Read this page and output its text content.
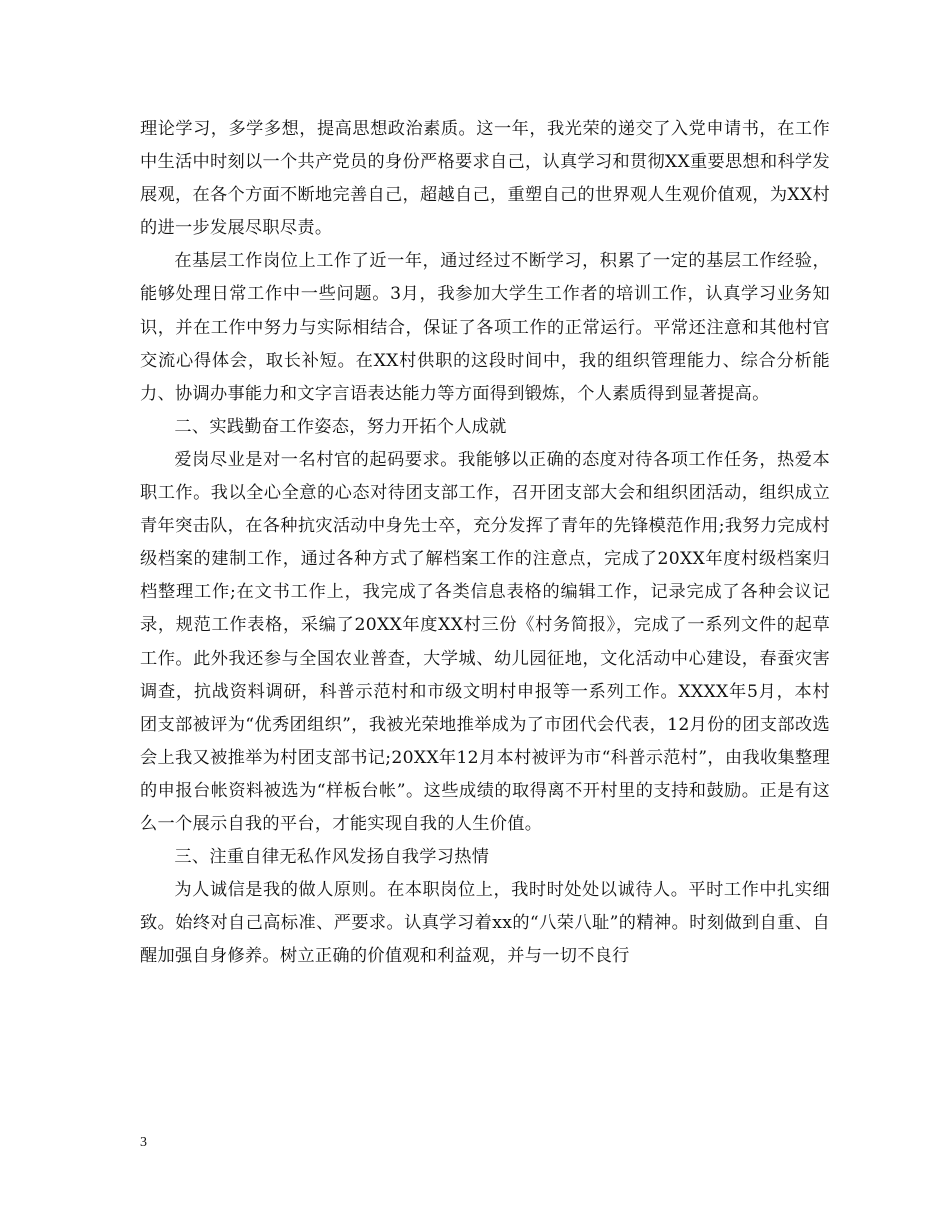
理论学习，多学多想，提高思想政治素质。这一年，我光荣的递交了入党申请书，在工作中生活中时刻以一个共产党员的身份严格要求自己，认真学习和贯彻XX重要思想和科学发展观，在各个方面不断地完善自己，超越自己，重塑自己的世界观人生观价值观，为XX村的进一步发展尽职尽责。

在基层工作岗位上工作了近一年，通过经过不断学习，积累了一定的基层工作经验，能够处理日常工作中一些问题。3月，我参加大学生工作者的培训工作，认真学习业务知识，并在工作中努力与实际相结合，保证了各项工作的正常运行。平常还注意和其他村官交流心得体会，取长补短。在XX村供职的这段时间中，我的组织管理能力、综合分析能力、协调办事能力和文字言语表达能力等方面得到锻炼，个人素质得到显著提高。

二、实践勤奋工作姿态，努力开拓个人成就

爱岗尽业是对一名村官的起码要求。我能够以正确的态度对待各项工作任务，热爱本职工作。我以全心全意的心态对待团支部工作，召开团支部大会和组织团活动，组织成立青年突击队，在各种抗灾活动中身先士卒，充分发挥了青年的先锋模范作用;我努力完成村级档案的建制工作，通过各种方式了解档案工作的注意点，完成了20XX年度村级档案归档整理工作;在文书工作上，我完成了各类信息表格的编辑工作，记录完成了各种会议记录，规范工作表格，采编了20XX年度XX村三份《村务简报》，完成了一系列文件的起草工作。此外我还参与全国农业普查，大学城、幼儿园征地，文化活动中心建设，春蚕灾害调查，抗战资料调研，科普示范村和市级文明村申报等一系列工作。XXXX年5月，本村团支部被评为“优秀团组织”，我被光荣地推举成为了市团代会代表，12月份的团支部改选会上我又被推举为村团支部书记;20XX年12月本村被评为市“科普示范村”，由我收集整理的申报台帐资料被选为“样板台帐”。这些成绩的取得离不开村里的支持和鼓励。正是有这么一个展示自我的平台，才能实现自我的人生价值。

三、注重自律无私作风发扬自我学习热情

为人诚信是我的做人原则。在本职岗位上，我时时处处以诚待人。平时工作中扎实细致。始终对自己高标准、严要求。认真学习着xx的“八荣八耻”的精神。时刻做到自重、自醒加强自身修养。树立正确的价值观和利益观，并与一切不良行

3
